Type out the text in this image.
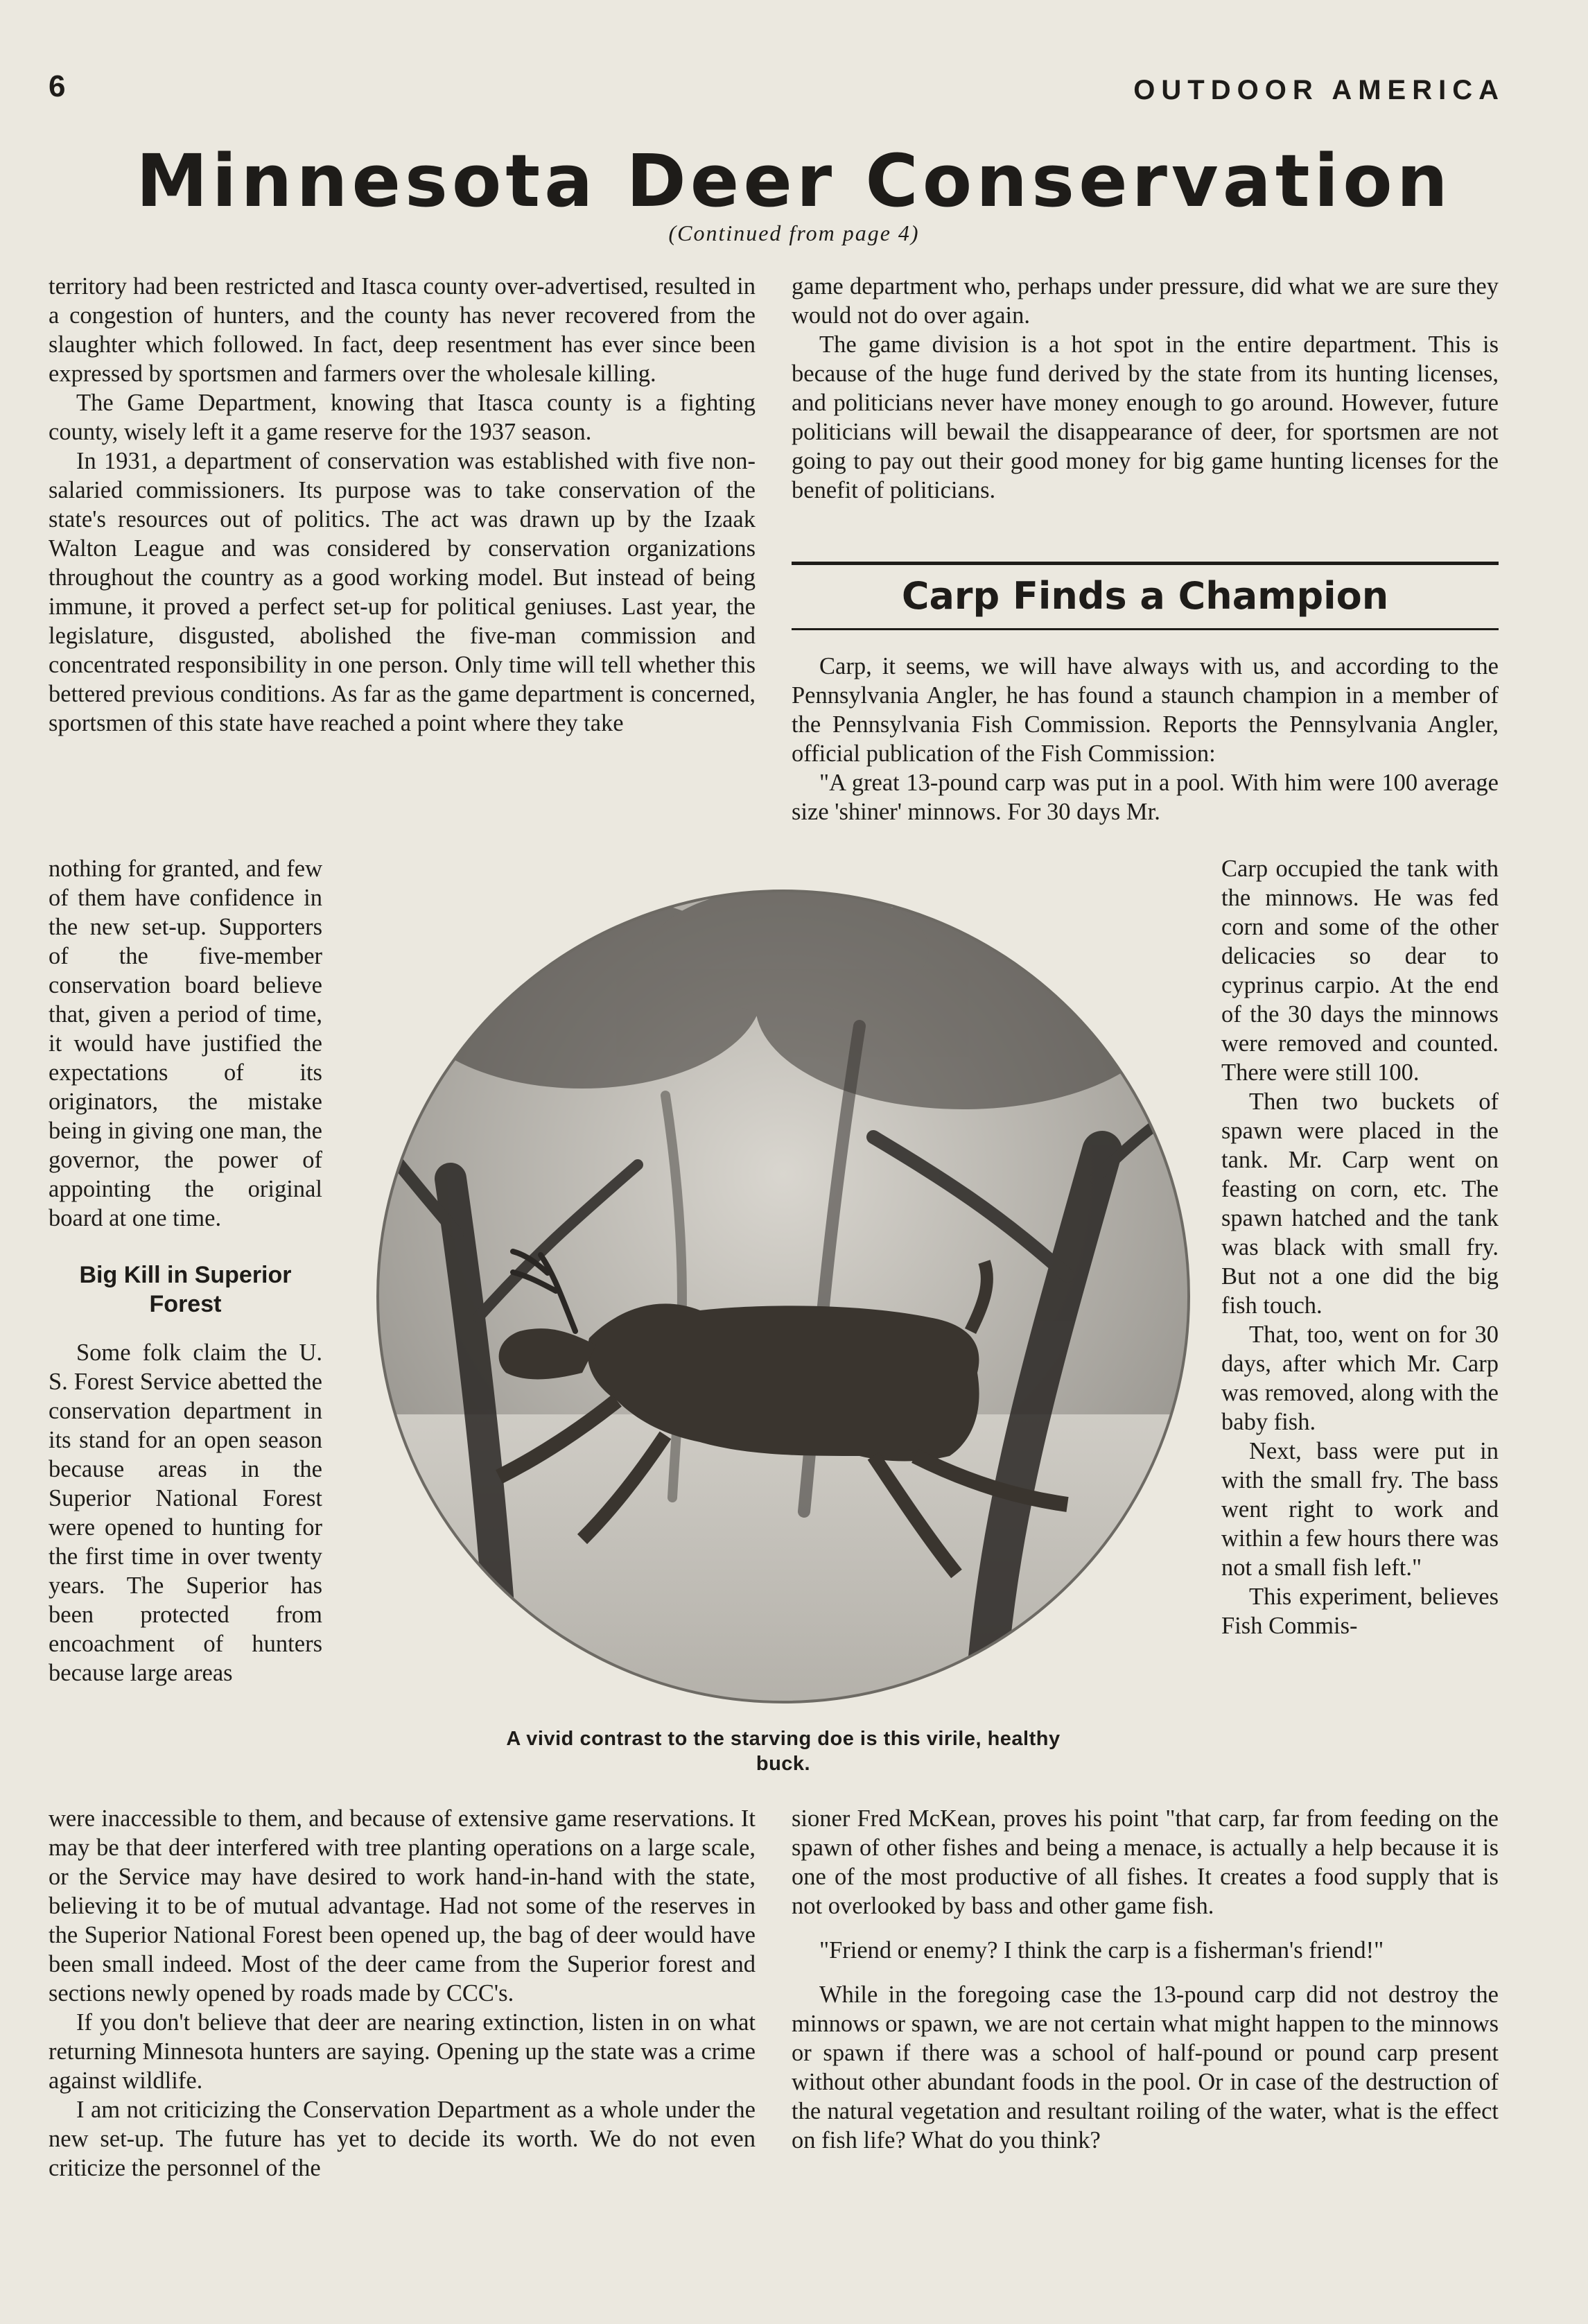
6	OUTDOOR AMERICA
Minnesota Deer Conservation
(Continued from page 4)

territory had been restricted and Itasca county over-advertised, resulted in a congestion of hunters, and the county has never recovered from the slaughter which followed. In fact, deep resentment has ever since been expressed by sportsmen and farmers over the wholesale killing.

The Game Department, knowing that Itasca county is a fighting county, wisely left it a game reserve for the 1937 season.

In 1931, a department of conservation was established with five non-salaried commissioners. Its purpose was to take conservation of the state's resources out of politics. The act was drawn up by the Izaak Walton League and was considered by conservation organizations throughout the country as a good working model. But instead of being immune, it proved a perfect set-up for political geniuses. Last year, the legislature, disgusted, abolished the five-man commission and concentrated responsibility in one person. Only time will tell whether this bettered previous conditions. As far as the game department is concerned, sportsmen of this state have reached a point where they take

nothing for granted, and few of them have confidence in the new set-up. Supporters of the five-member conservation board believe that, given a period of time, it would have justified the expectations of its originators, the mistake being in giving one man, the governor, the power of appointing the original board at one time.

Big Kill in Superior Forest

Some folk claim the U. S. Forest Service abetted the conservation department in its stand for an open season because areas in the Superior National Forest were opened to hunting for the first time in over twenty years. The Superior has been protected from encoachment of hunters because large areas

were inaccessible to them, and because of extensive game reservations. It may be that deer interfered with tree planting operations on a large scale, or the Service may have desired to work hand-in-hand with the state, believing it to be of mutual advantage. Had not some of the reserves in the Superior National Forest been opened up, the bag of deer would have been small indeed. Most of the deer came from the Superior forest and sections newly opened by roads made by CCC's.

If you don't believe that deer are nearing extinction, listen in on what returning Minnesota hunters are saying. Opening up the state was a crime against wildlife.

I am not criticizing the Conservation Department as a whole under the new set-up. The future has yet to decide its worth. We do not even criticize the personnel of the

game department who, perhaps under pressure, did what we are sure they would not do over again.

The game division is a hot spot in the entire department. This is because of the huge fund derived by the state from its hunting licenses, and politicians never have money enough to go around. However, future politicians will bewail the disappearance of deer, for sportsmen are not going to pay out their good money for big game hunting licenses for the benefit of politicians.

Carp Finds a Champion

Carp, it seems, we will have always with us, and according to the Pennsylvania Angler, he has found a staunch champion in a member of the Pennsylvania Fish Commission. Reports the Pennsylvania Angler, official publication of the Fish Commission:

"A great 13-pound carp was put in a pool. With him were 100 average size 'shiner' minnows. For 30 days Mr.

Carp occupied the tank with the minnows. He was fed corn and some of the other delicacies so dear to cyprinus carpio. At the end of the 30 days the minnows were removed and counted. There were still 100.

Then two buckets of spawn were placed in the tank. Mr. Carp went on feasting on corn, etc. The spawn hatched and the tank was black with small fry. But not a one did the big fish touch.

That, too, went on for 30 days, after which Mr. Carp was removed, along with the baby fish.

Next, bass were put in with the small fry. The bass went right to work and within a few hours there was not a small fish left."

This experiment, believes Fish Commis-

sioner Fred McKean, proves his point "that carp, far from feeding on the spawn of other fishes and being a menace, is actually a help because it is one of the most productive of all fishes. It creates a food supply that is not overlooked by bass and other game fish.

"Friend or enemy? I think the carp is a fisherman's friend!"

While in the foregoing case the 13-pound carp did not destroy the minnows or spawn, we are not certain what might happen to the minnows or spawn if there was a school of half-pound or pound carp present without other abundant foods in the pool. Or in case of the destruction of the natural vegetation and resultant roiling of the water, what is the effect on fish life? What do you think?

A vivid contrast to the starving doe is this virile, healthy buck.
